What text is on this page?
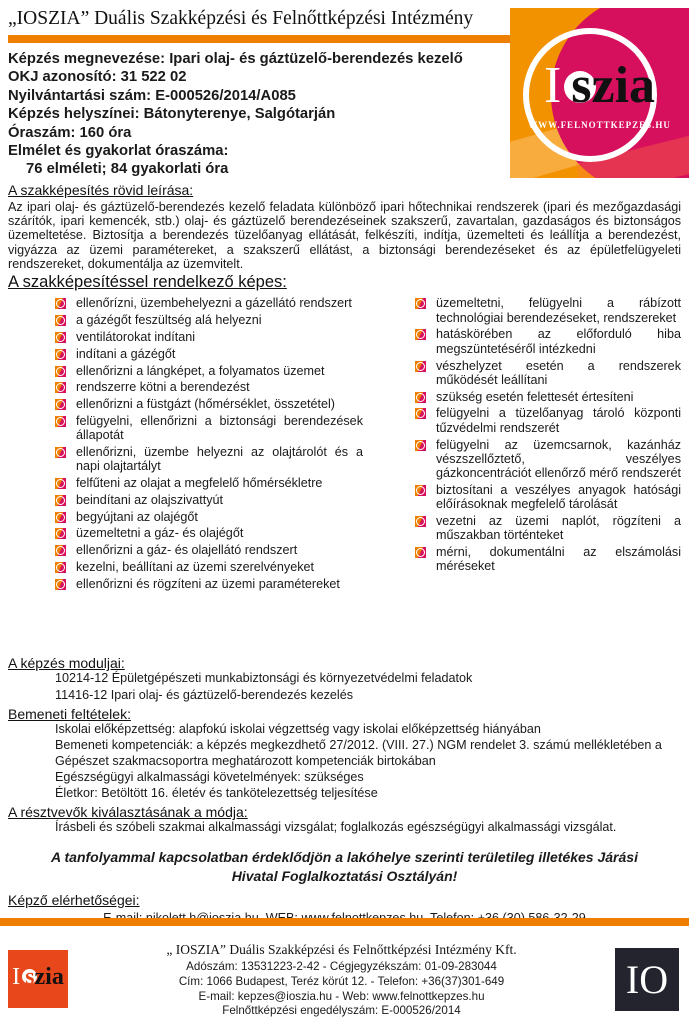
„IOSZIA” Duális Szakképzési és Felnőttképzési Intézmény
Képzés megnevezése: Ipari olaj- és gáztüzelő-berendezés kezelő
OKJ azonosító: 31 522 02
Nyilvántartási szám: E-000526/2014/A085
Képzés helyszínei: Bátonyterenye, Salgótarján
Óraszám: 160 óra
Elmélet és gyakorlat óraszáma:
76 elméleti; 84 gyakorlati óra
I szia
WWW.FELNOTTKEPZES.HU
A szakképesítés rövid leírása:

Az ipari olaj- és gáztüzelő-berendezés kezelő feladata különböző ipari hőtechnikai rendszerek (ipari és mezőgazdasági szárítók, ipari kemencék, stb.) olaj- és gáztüzelő berendezéseinek szakszerű, zavartalan, gazdaságos és biztonságos üzemeltetése. Biztosítja a berendezés tüzelőanyag ellátását, felkészíti, indítja, üzemelteti és leállítja a berendezést, vigyázza az üzemi paramétereket, a szakszerű ellátást, a biztonsági berendezéseket és az épületfelügyeleti rendszereket, dokumentálja az üzemvitelt.

A szakképesítéssel rendelkező képes:
ellenőrízni, üzembehelyezni a gázellátó rendszert
a gázégőt feszültség alá helyezni
ventilátorokat indítani
indítani a gázégőt
ellenőrizni a lángképet, a folyamatos üzemet
rendszerre kötni a berendezést
ellenőrizni a füstgázt (hőmérséklet, összetétel)
felügyelni, ellenőrizni a biztonsági berendezések állapotát
ellenőrizni, üzembe helyezni az olajtárolót és a napi olajtartályt
felfűteni az olajat a megfelelő hőmérsékletre
beindítani az olajszivattyút
begyújtani az olajégőt
üzemeltetni a gáz- és olajégőt
ellenőrizni a gáz- és olajellátó rendszert
kezelni, beállítani az üzemi szerelvényeket
ellenőrizni és rögzíteni az üzemi paramétereket
üzemeltetni, felügyelni a rábízott technológiai berendezéseket, rendszereket
hatáskörében az előforduló hiba megszüntetéséről intézkedni
vészhelyzet esetén a rendszerek működését leállítani
szükség esetén felettesét értesíteni
felügyelni a tüzelőanyag tároló központi tűzvédelmi rendszerét
felügyelni az üzemcsarnok, kazánház vészszellőztető, veszélyes gázkoncentrációt ellenőrző mérő rendszerét
biztosítani a veszélyes anyagok hatósági előírásoknak megfelelő tárolását
vezetni az üzemi naplót, rögzíteni a műszakban történteket
mérni, dokumentálni az elszámolási méréseket
A képzés moduljai:
10214-12 Épületgépészeti munkabiztonsági és környezetvédelmi feladatok
11416-12 Ipari olaj- és gáztüzelő-berendezés kezelés
Bemeneti feltételek:
Iskolai előképzettség: alapfokú iskolai végzettség vagy iskolai előképzettség hiányában
Bemeneti kompetenciák: a képzés megkezdhető 27/2012. (VIII. 27.) NGM rendelet 3. számú mellékletében a Gépészet szakmacsoportra meghatározott kompetenciák birtokában
Egészségügyi alkalmassági követelmények: szükséges
Életkor: Betöltött 16. életév és tankötelezettség teljesítése
A résztvevők kiválasztásának a módja:
Írásbeli és szóbeli szakmai alkalmassági vizsgálat; foglalkozás egészségügyi alkalmassági vizsgálat.

A tanfolyammal kapcsolatban érdeklődjön a lakóhelye szerinti területileg illetékes Járási Hivatal Foglalkoztatási Osztályán!

Képző elérhetőségei:

I szia
„ IOSZIA” Duális Szakképzési és Felnőttképzési Intézmény Kft.
Adószám: 13531223-2-42 - Cégjegyzékszám: 01-09-283044
Cím: 1066 Budapest, Teréz körút 12. - Telefon: +36(37)301-649
E-mail: kepzes@ioszia.hu - Web: www.felnottkepzes.hu
Felnőttképzési engedélyszám: E-000526/2014
IO
